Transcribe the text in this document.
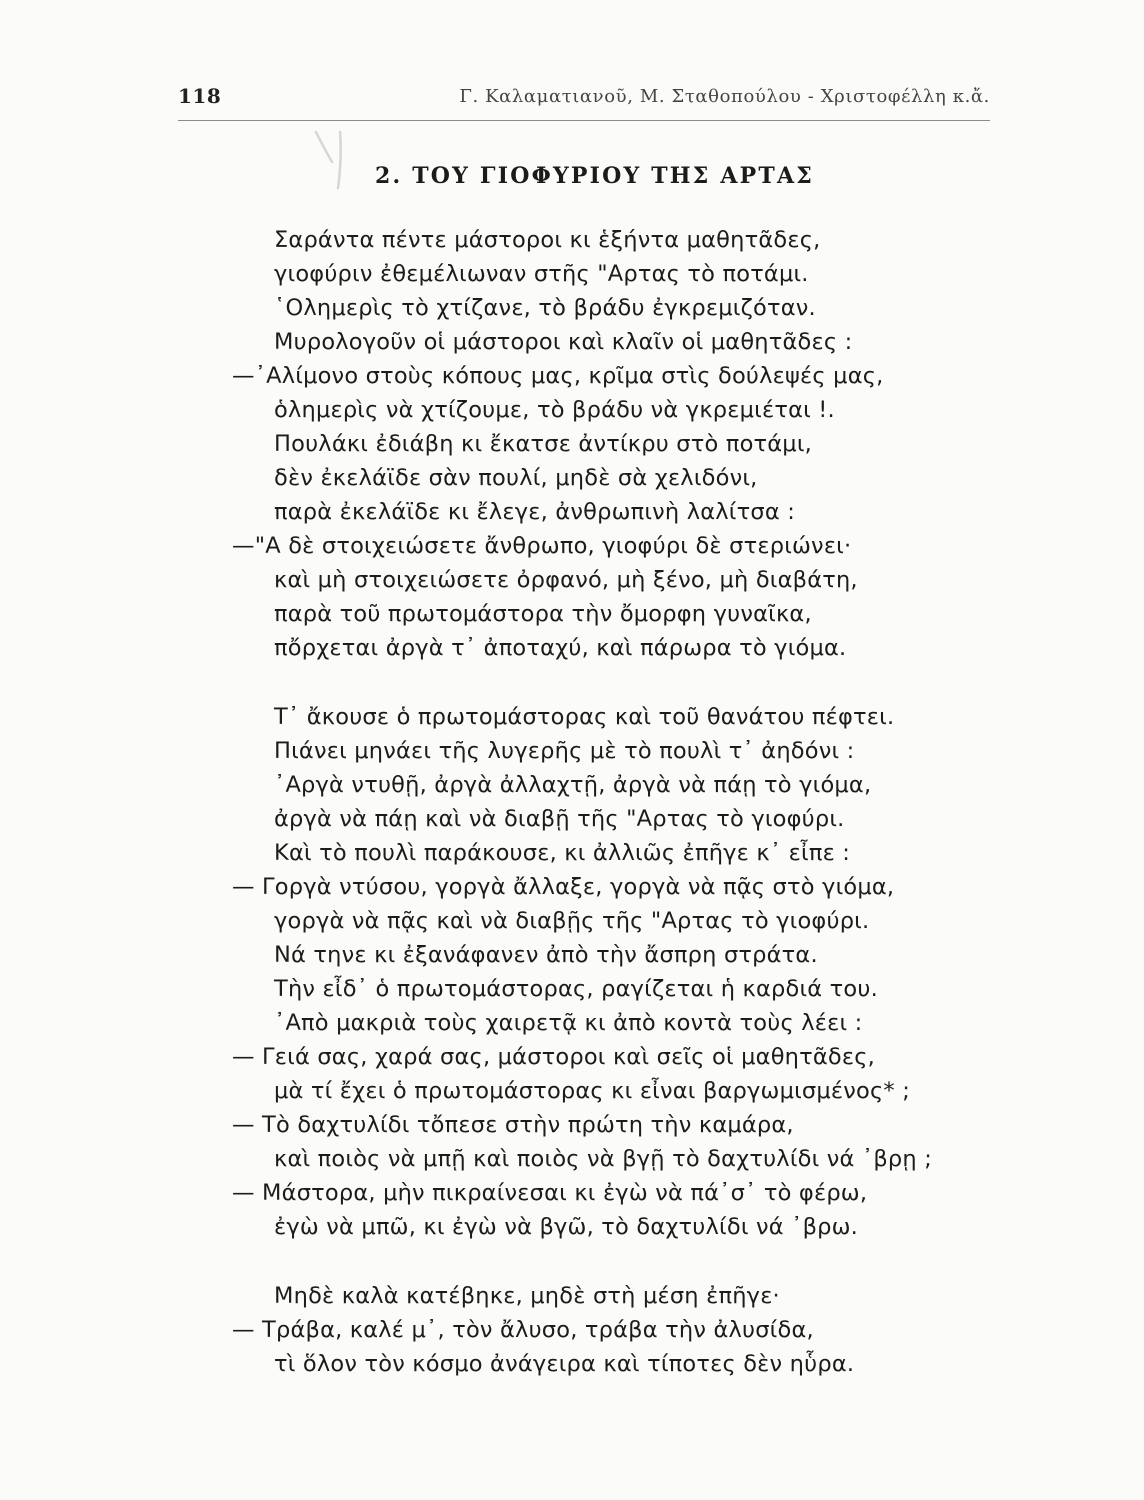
118	Γ. Καλαματιανοῦ, Μ. Σταθοπούλου - Χριστοφέλλη κ.ἄ.
2. ΤΟΥ ΓΙΟΦΥΡΙΟΥ ΤΗΣ ΑΡΤΑΣ
Σαράντα πέντε μάστοροι κι ἑξήντα μαθητᾶδες,
γιοφύριν ἐθεμέλιωναν στῆς "Αρτας τὸ ποτάμι.
῾Ολημερὶς τὸ χτίζανε, τὸ βράδυ ἐγκρεμιζόταν.
Μυρολογοῦν οἱ μάστοροι καὶ κλαῖν οἱ μαθητᾶδες :
—᾽Αλίμονο στοὺς κόπους μας, κρῖμα στὶς δούλεψές μας,
ὁλημερὶς νὰ χτίζουμε, τὸ βράδυ νὰ γκρεμιέται !.
Πουλάκι ἐδιάβη κι ἔκατσε ἀντίκρυ στὸ ποτάμι,
δὲν ἐκελάϊδε σὰν πουλί, μηδὲ σὰ χελιδόνι,
παρὰ ἐκελάϊδε κι ἔλεγε, ἀνθρωπινὴ λαλίτσα :
—"Α δὲ στοιχειώσετε ἄνθρωπο, γιοφύρι δὲ στεριώνει·
καὶ μὴ στοιχειώσετε ὀρφανό, μὴ ξένο, μὴ διαβάτη,
παρὰ τοῦ πρωτομάστορα τὴν ὄμορφη γυναῖκα,
πὄρχεται ἀργὰ τ᾽ ἀποταχύ, καὶ πάρωρα τὸ γιόμα.
Τ᾽ ἄκουσε ὁ πρωτομάστορας καὶ τοῦ θανάτου πέφτει.
Πιάνει μηνάει τῆς λυγερῆς μὲ τὸ πουλὶ τ᾽ ἀηδόνι :
᾽Αργὰ ντυθῇ, ἀργὰ ἀλλαχτῇ, ἀργὰ νὰ πάῃ τὸ γιόμα,
ἀργὰ νὰ πάῃ καὶ νὰ διαβῇ τῆς "Αρτας τὸ γιοφύρι.
Καὶ τὸ πουλὶ παράκουσε, κι ἀλλιῶς ἐπῆγε κ᾽ εἶπε :
— Γοργὰ ντύσου, γοργὰ ἄλλαξε, γοργὰ νὰ πᾷς στὸ γιόμα,
γοργὰ νὰ πᾷς καὶ νὰ διαβῇς τῆς "Αρτας τὸ γιοφύρι.
Νά τηνε κι ἐξανάφανεν ἀπὸ τὴν ἄσπρη στράτα.
Τὴν εἶδ᾽ ὁ πρωτομάστορας, ραγίζεται ἡ καρδιά του.
᾽Απὸ μακριὰ τοὺς χαιρετᾷ κι ἀπὸ κοντὰ τοὺς λέει :
— Γειά σας, χαρά σας, μάστοροι καὶ σεῖς οἱ μαθητᾶδες,
μὰ τί ἔχει ὁ πρωτομάστορας κι εἶναι βαργωμισμένος* ;
— Τὸ δαχτυλίδι τὄπεσε στὴν πρώτη τὴν καμάρα,
καὶ ποιὸς νὰ μπῇ καὶ ποιὸς νὰ βγῇ τὸ δαχτυλίδι νά ᾽βρῃ ;
— Μάστορα, μὴν πικραίνεσαι κι ἐγὼ νὰ πά᾽σ᾽ τὸ φέρω,
ἐγὼ νὰ μπῶ, κι ἐγὼ νὰ βγῶ, τὸ δαχτυλίδι νά ᾽βρω.
Μηδὲ καλὰ κατέβηκε, μηδὲ στὴ μέση ἐπῆγε·
— Τράβα, καλέ μ᾽, τὸν ἄλυσο, τράβα τὴν ἀλυσίδα,
τὶ ὅλον τὸν κόσμο ἀνάγειρα καὶ τίποτες δὲν ηὗρα.
